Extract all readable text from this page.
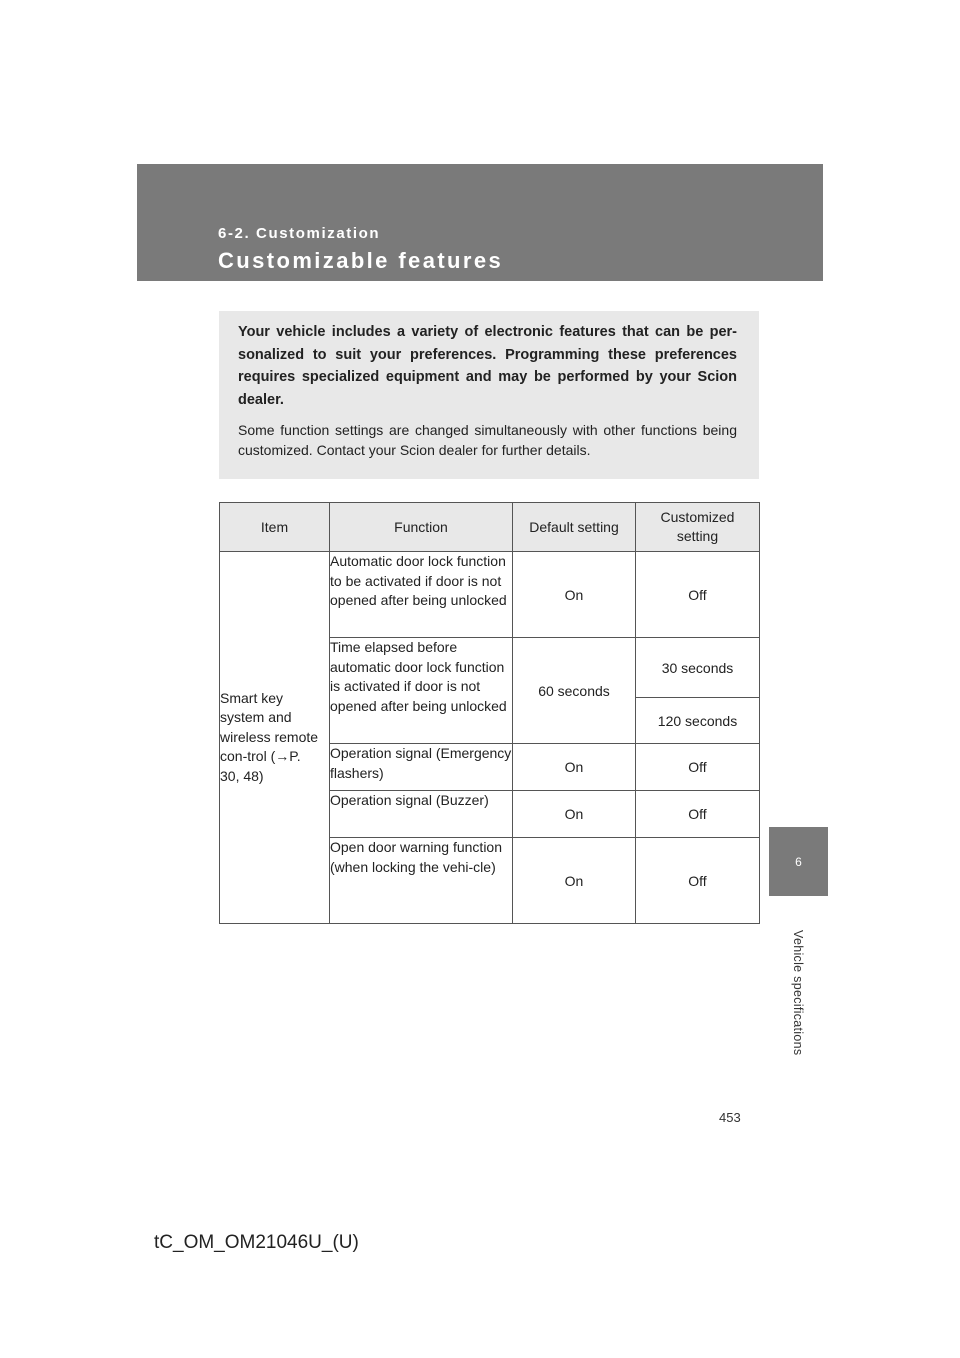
6-2. Customization
Customizable features

Your vehicle includes a variety of electronic features that can be per-sonalized to suit your preferences. Programming these preferences requires specialized equipment and may be performed by your Scion dealer.

Some function settings are changed simultaneously with other functions being customized. Contact your Scion dealer for further details.

Item	Function	Default setting	Customized setting

Smart key system and wireless remote con-trol (→P. 30, 48)	Automatic door lock function to be activated if door is not opened after being unlocked	On	Off
	Time elapsed before automatic door lock function is activated if door is not opened after being unlocked	60 seconds	30 seconds
			120 seconds
	Operation signal (Emergency flashers)	On	Off
	Operation signal (Buzzer)	On	Off
	Open door warning function (when locking the vehi-cle)	On	Off
6
Vehicle specifications
453
tC_OM_OM21046U_(U)
